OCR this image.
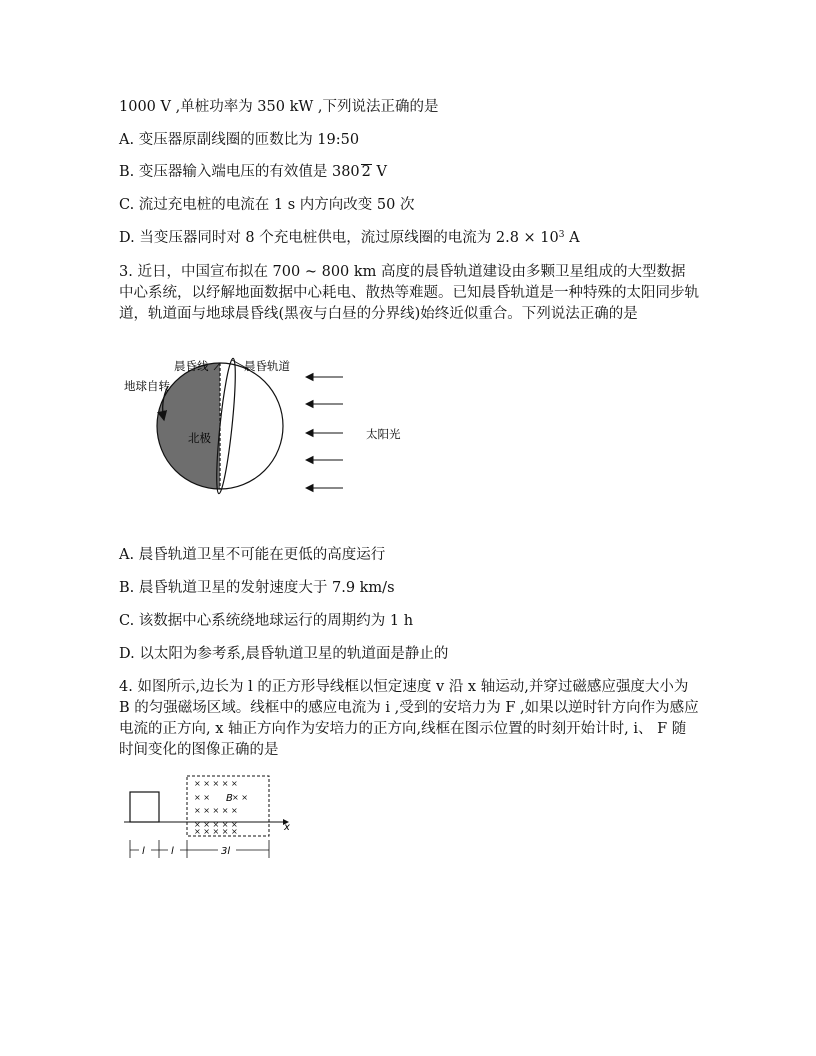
1000 V ,单桩功率为 350 kW ,下列说法正确的是
A. 变压器原副线圈的匝数比为 19:50
B. 变压器输入端电压的有效值是 380 2 V
C. 流过充电桩的电流在 1 s 内方向改变 50 次
D. 当变压器同时对 8 个充电桩供电，流过原线圈的电流为 $2.8 \times 10^3$ A
3. 近日，中国宣布拟在 700 ~ 800 km 高度的晨昏轨道建设由多颗卫星组成的大型数据中心系统，以纾解地面数据中心耗电、散热等难题。已知晨昏轨道是一种特殊的太阳同步轨道，轨道面与地球晨昏线(黑夜与白昼的分界线)始终近似重合。下列说法正确的是
晨昏线	晨昏轨道
地球自转
北极	太阳光
A. 晨昏轨道卫星不可能在更低的高度运行
B. 晨昏轨道卫星的发射速度大于 7.9 km/s
C. 该数据中心系统绕地球运行的周期约为 1 h
D. 以太阳为参考系,晨昏轨道卫星的轨道面是静止的
4. 如图所示,边长为 l 的正方形导线框以恒定速度 v 沿 x 轴运动,并穿过磁感应强度大小为 B 的匀强磁场区域。线框中的感应电流为 i ,受到的安培力为 F ,如果以逆时针方向作为感应电流的正方向, x 轴正方向作为安培力的正方向,线框在图示位置的时刻开始计时, i、 F 随时间变化的图像正确的是
x
× × × × ×
× ×	× ×
× × × × ×
× × × × ×
× × × × ×
B
l	l	3l
